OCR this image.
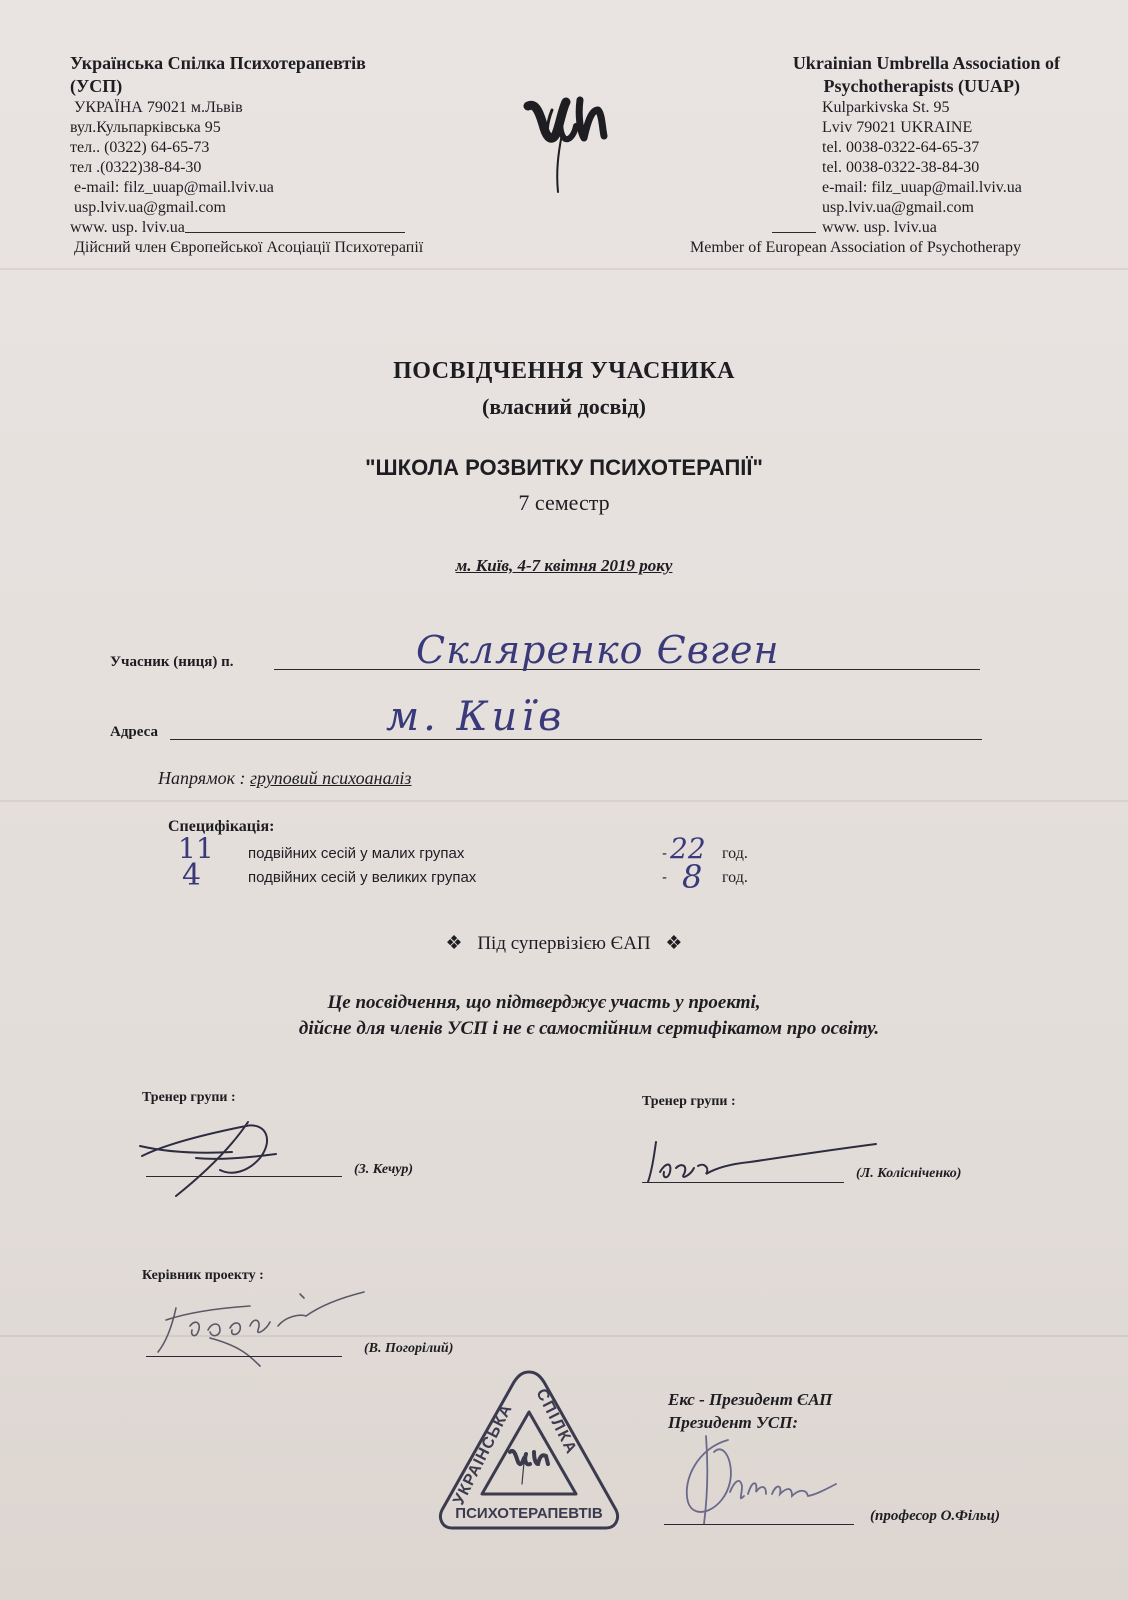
Українська Спілка Психотерапевтів
(УСП)
УКРАЇНА 79021 м.Львів
вул.Кульпарківська 95
тел.. (0322) 64-65-73
тел .(0322)38-84-30
e-mail: filz_uuap@mail.lviv.ua
usp.lviv.ua@gmail.com
www. usp. lviv.ua
Дійсний член Європейської Асоціації Психотерапії
Ukrainian Umbrella Association of
Psychotherapists (UUAP)
Kulparkivska St. 95
Lviv 79021 UKRAINE
tel. 0038-0322-64-65-37
tel. 0038-0322-38-84-30
e-mail: filz_uuap@mail.lviv.ua
usp.lviv.ua@gmail.com
www. usp. lviv.ua
Member of European Association of Psychotherapy
ПОСВІДЧЕННЯ УЧАСНИКА
(власний досвід)
"ШКОЛА РОЗВИТКУ ПСИХОТЕРАПІЇ"
7 семестр
м. Київ, 4-7 квітня 2019 року
Учасник (ниця) п.	Скляренко Євген
Адреса	м. Київ
Напрямок : груповий психоаналіз
Специфікація:
11 подвійних сесій у малих групах	- 22 год.
4	подвійних сесій у великих групах	- 8 год.
❖ Під супервізією ЄАП ❖
Це посвідчення, що підтверджує участь у проекті,
дійсне для членів УСП і не є самостійним сертифікатом про освіту.
Тренер групи :
(З. Кечур)
Тренер групи :
(Л. Колісніченко)
Керівник проекту :
(В. Погорілий)
УКРАЇНСЬКА
СПІЛКА
ПСИХОТЕРАПЕВТІВ
Екс - Президент ЄАП
Президент УСП:
(професор О.Фільц)
